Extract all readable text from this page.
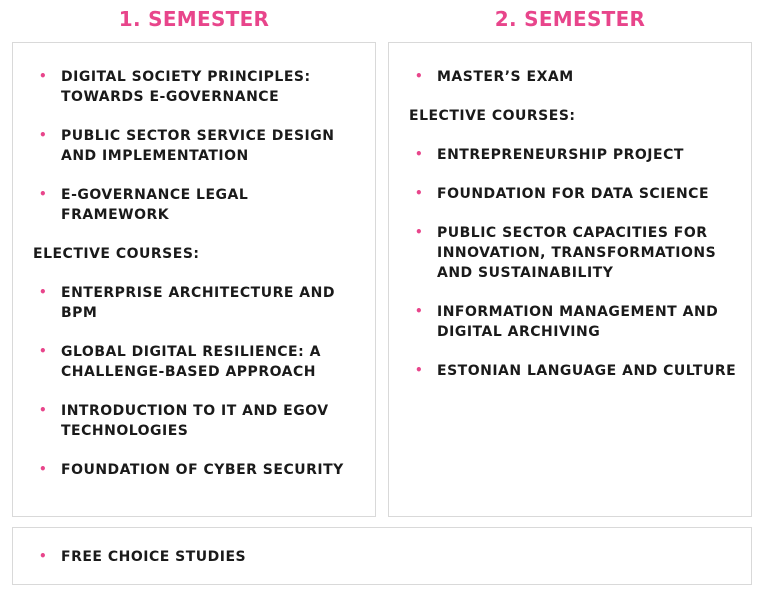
1. SEMESTER	2. SEMESTER
• DIGITAL SOCIETY PRINCIPLES: TOWARDS E-GOVERNANCE
• PUBLIC SECTOR SERVICE DESIGN AND IMPLEMENTATION
• E-GOVERNANCE LEGAL FRAMEWORK
ELECTIVE COURSES:
• ENTERPRISE ARCHITECTURE AND BPM
• GLOBAL DIGITAL RESILIENCE: A CHALLENGE-BASED APPROACH
• INTRODUCTION TO IT AND EGOV TECHNOLOGIES
• FOUNDATION OF CYBER SECURITY
• MASTER’S EXAM
ELECTIVE COURSES:
• ENTREPRENEURSHIP PROJECT
• FOUNDATION FOR DATA SCIENCE
• PUBLIC SECTOR CAPACITIES FOR INNOVATION, TRANSFORMATIONS AND SUSTAINABILITY
• INFORMATION MANAGEMENT AND DIGITAL ARCHIVING
• ESTONIAN LANGUAGE AND CULTURE
• FREE CHOICE STUDIES
